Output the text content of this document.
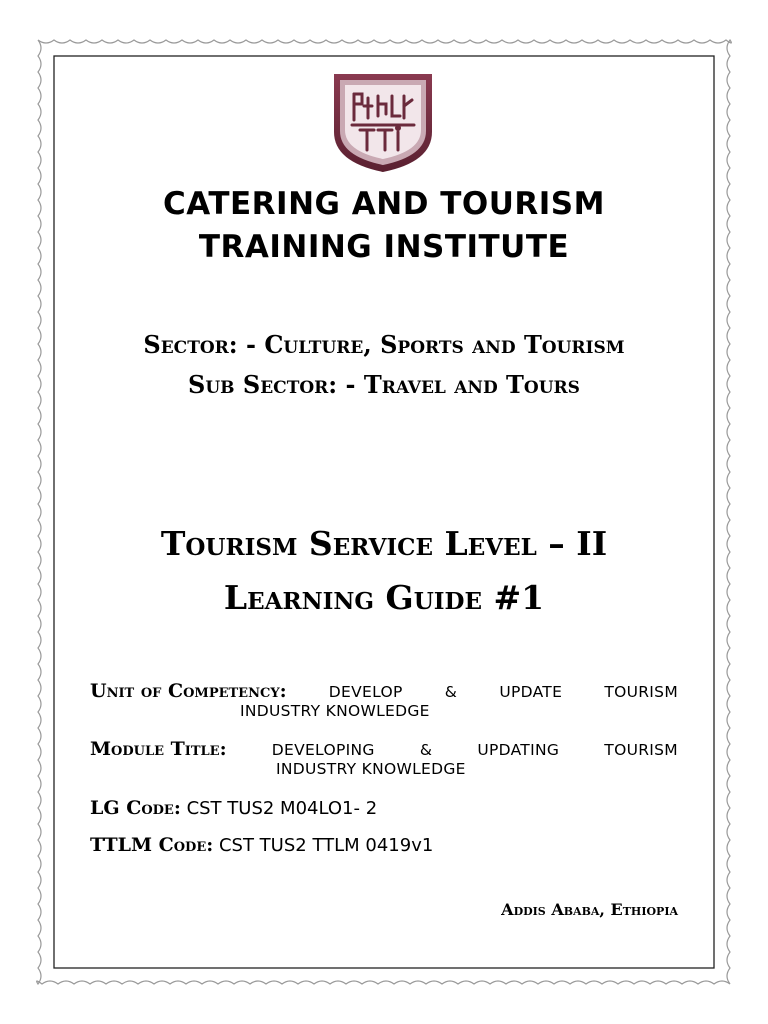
CATERING AND TOURISM
TRAINING INSTITUTE

Sector: - Culture, Sports and Tourism

Sub Sector: - Travel and Tours

Tourism Service Level – II
Learning Guide #1
Unit of Competency:	DEVELOP	&	UPDATE	TOURISM
INDUSTRY KNOWLEDGE
Module Title:	DEVELOPING	&	UPDATING	TOURISM
INDUSTRY KNOWLEDGE
LG Code: CST TUS2 M04LO1- 2
TTLM Code: CST TUS2 TTLM 0419v1

Addis Ababa, Ethiopia
